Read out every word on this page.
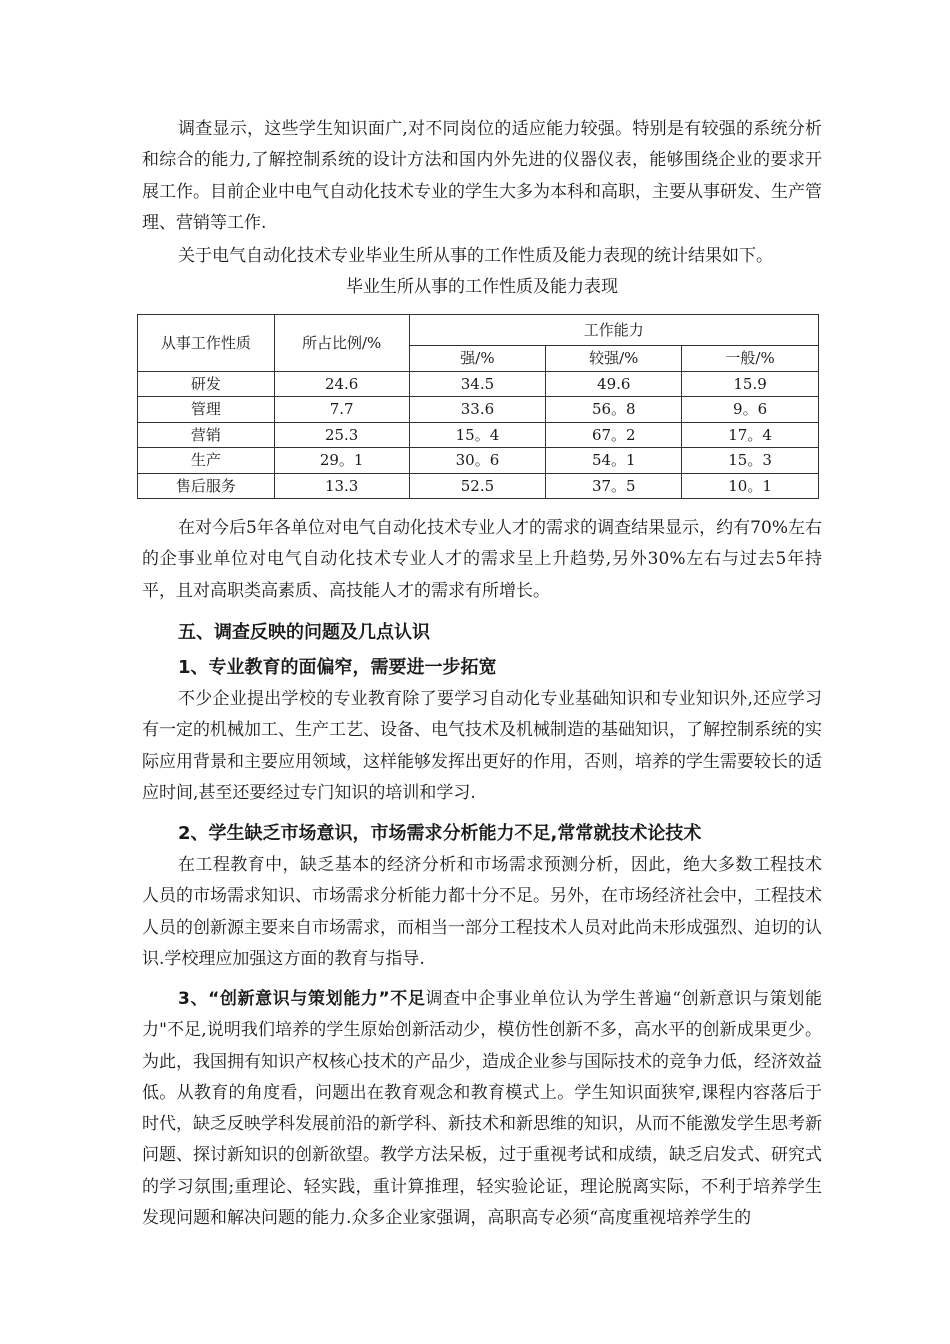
调查显示，这些学生知识面广,对不同岗位的适应能力较强。特别是有较强的系统分析和综合的能力,了解控制系统的设计方法和国内外先进的仪器仪表，能够围绕企业的要求开展工作。目前企业中电气自动化技术专业的学生大多为本科和高职，主要从事研发、生产管理、营销等工作.

关于电气自动化技术专业毕业生所从事的工作性质及能力表现的统计结果如下。

毕业生所从事的工作性质及能力表现

从事工作性质	所占比例/%	工作能力		
		强/%	较强/%	一般/%
研发	24.6	34.5	49.6	15.9
管理	7.7	33.6	56。8	9。6
营销	25.3	15。4	67。2	17。4
生产	29。1	30。6	54。1	15。3
售后服务	13.3	52.5	37。5	10。1

在对今后5年各单位对电气自动化技术专业人才的需求的调查结果显示，约有70%左右的企事业单位对电气自动化技术专业人才的需求呈上升趋势,另外30%左右与过去5年持平，且对高职类高素质、高技能人才的需求有所增长。

五、调查反映的问题及几点认识

1、专业教育的面偏窄，需要进一步拓宽

不少企业提出学校的专业教育除了要学习自动化专业基础知识和专业知识外,还应学习有一定的机械加工、生产工艺、设备、电气技术及机械制造的基础知识，了解控制系统的实际应用背景和主要应用领域，这样能够发挥出更好的作用，否则，培养的学生需要较长的适应时间,甚至还要经过专门知识的培训和学习.

2、学生缺乏市场意识，市场需求分析能力不足,常常就技术论技术

在工程教育中，缺乏基本的经济分析和市场需求预测分析，因此，绝大多数工程技术人员的市场需求知识、市场需求分析能力都十分不足。另外，在市场经济社会中，工程技术人员的创新源主要来自市场需求，而相当一部分工程技术人员对此尚未形成强烈、迫切的认识.学校理应加强这方面的教育与指导.

3、“创新意识与策划能力”不足调查中企事业单位认为学生普遍“创新意识与策划能力"不足,说明我们培养的学生原始创新活动少，模仿性创新不多，高水平的创新成果更少。为此，我国拥有知识产权核心技术的产品少，造成企业参与国际技术的竞争力低，经济效益低。从教育的角度看，问题出在教育观念和教育模式上。学生知识面狭窄,课程内容落后于时代，缺乏反映学科发展前沿的新学科、新技术和新思维的知识，从而不能激发学生思考新问题、探讨新知识的创新欲望。教学方法呆板，过于重视考试和成绩，缺乏启发式、研究式的学习氛围;重理论、轻实践，重计算推理，轻实验论证，理论脱离实际，不利于培养学生发现问题和解决问题的能力.众多企业家强调，高职高专必须“高度重视培养学生的
